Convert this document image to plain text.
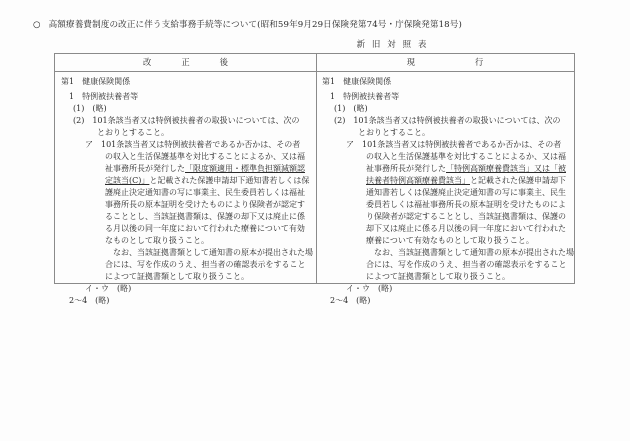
○ 高額療養費制度の改正に伴う支給事務手続等について(昭和59年9月29日保険発第74号・庁保険発第18号)
新旧対照表
改正後

第1　健康保険関係

1　特例被扶養者等

(1)　(略)

(2)　101条該当者又は特例被扶養者の取扱いについては、次の

とおりとすること。

ア　101条該当者又は特例被扶養者であるか否かは、その者

の収入と生活保護基準を対比することによるか、又は福

祉事務所長が発行した「限度額適用・標準負担額減額認

定該当(C)」と記載された保護申請却下通知書若しくは保

護廃止決定通知書の写に事業主、民生委員若しくは福祉

事務所長の原本証明を受けたものにより保険者が認定す

ることとし、当該証拠書類は、保護の却下又は廃止に係

る月以後の同一年度において行われた療養について有効

なものとして取り扱うこと。

なお、当該証拠書類として通知書の原本が提出された場

合には、写を作成のうえ、担当者の確認表示をすること

によつて証拠書類として取り扱うこと。

イ・ウ　(略)

2〜4　(略)

現行

第1　健康保険関係

1　特例被扶養者等

(1)　(略)

(2)　101条該当者又は特例被扶養者の取扱いについては、次の

とおりとすること。

ア　101条該当者又は特例被扶養者であるか否かは、その者

の収入と生活保護基準を対比することによるか、又は福

祉事務所長が発行した「特例高額療養費該当」又は「被

扶養者特例高額療養費該当」と記載された保護申請却下

通知書若しくは保護廃止決定通知書の写に事業主、民生

委員若しくは福祉事務所長の原本証明を受けたものによ

り保険者が認定することとし、当該証拠書類は、保護の

却下又は廃止に係る月以後の同一年度において行われた

療養について有効なものとして取り扱うこと。

なお、当該証拠書類として通知書の原本が提出された場

合には、写を作成のうえ、担当者の確認表示をすること

によつて証拠書類として取り扱うこと。

イ・ウ　(略)

2〜4　(略)
